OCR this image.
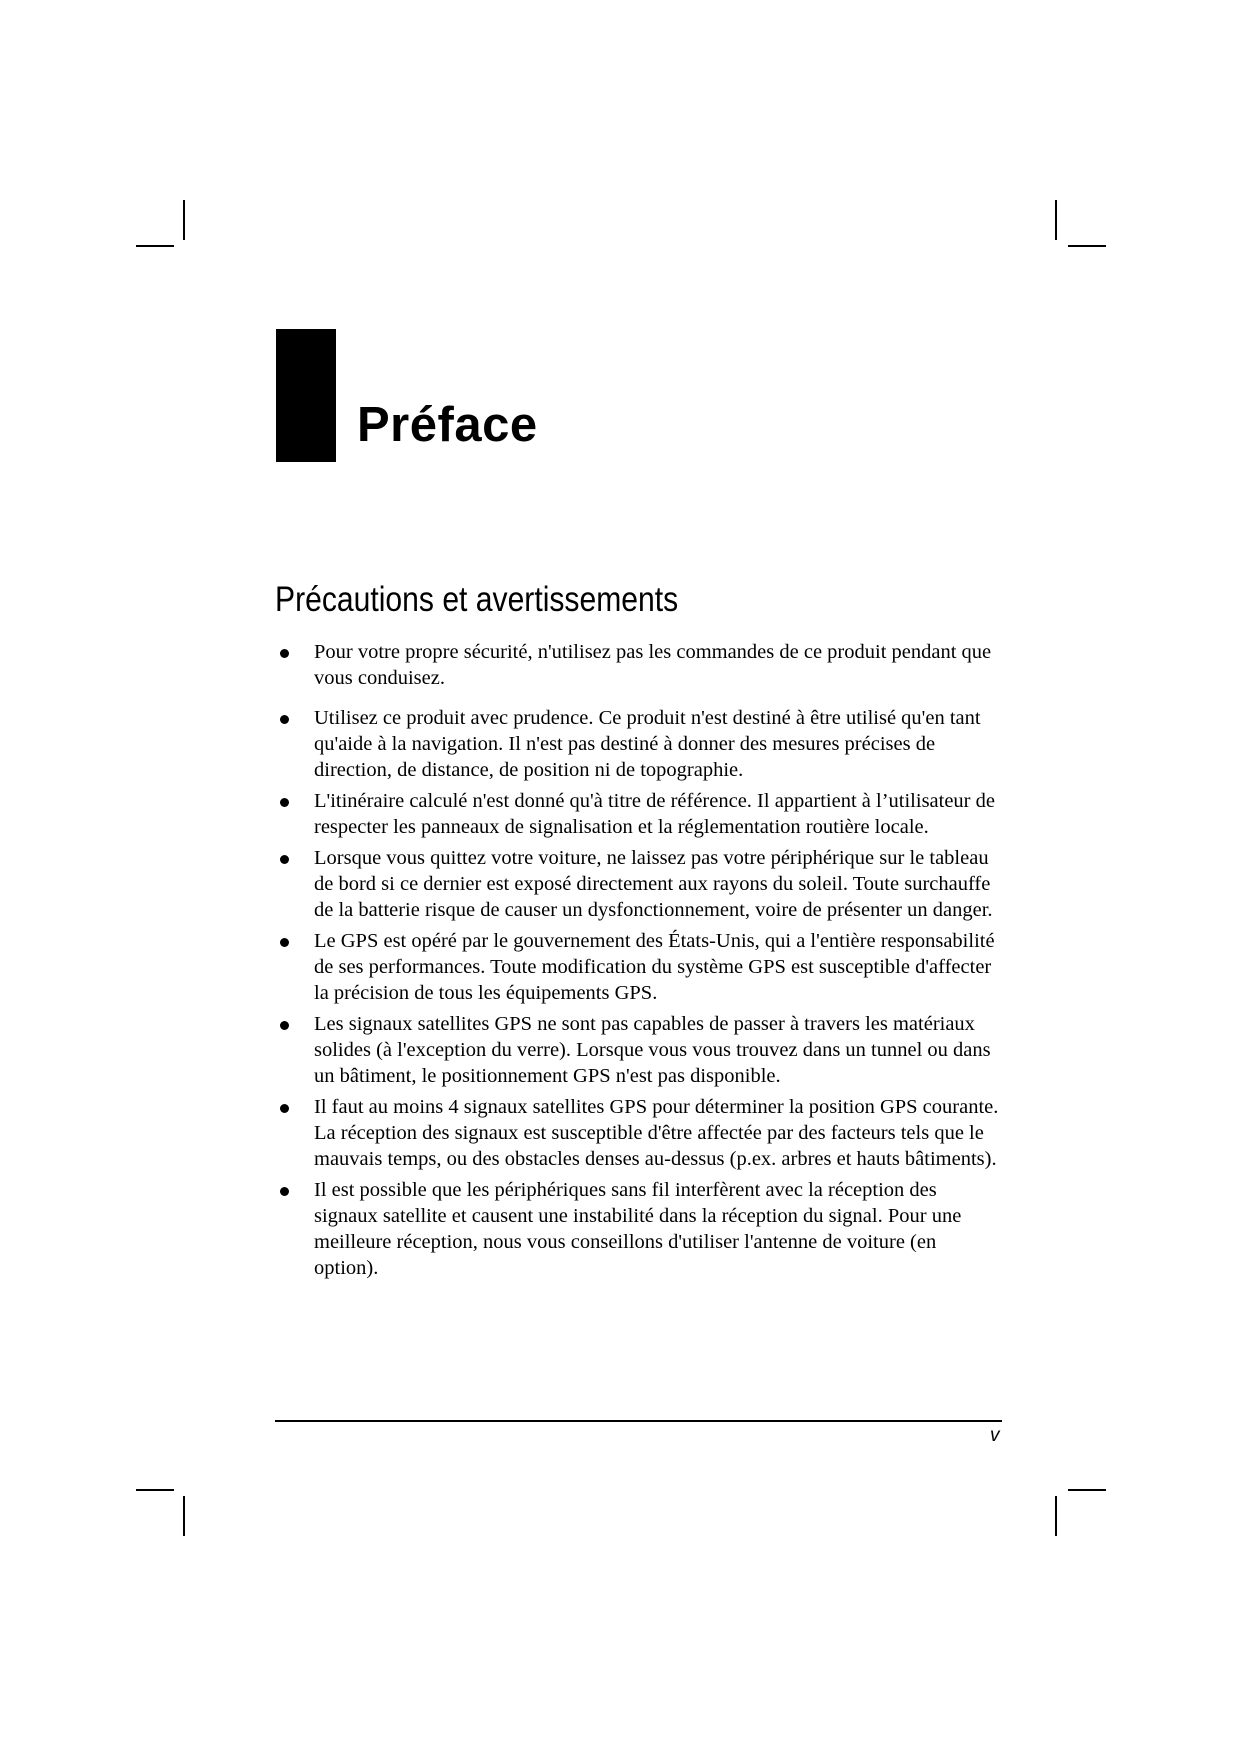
Préface
Précautions et avertissements
Pour votre propre sécurité, n'utilisez pas les commandes de ce produit pendant que vous conduisez.
Utilisez ce produit avec prudence. Ce produit n'est destiné à être utilisé qu'en tant qu'aide à la navigation. Il n'est pas destiné à donner des mesures précises de direction, de distance, de position ni de topographie.
L'itinéraire calculé n'est donné qu'à titre de référence. Il appartient à l’utilisateur de respecter les panneaux de signalisation et la réglementation routière locale.
Lorsque vous quittez votre voiture, ne laissez pas votre périphérique sur le tableau de bord si ce dernier est exposé directement aux rayons du soleil. Toute surchauffe de la batterie risque de causer un dysfonctionnement, voire de présenter un danger.
Le GPS est opéré par le gouvernement des États-Unis, qui a l'entière responsabilité de ses performances. Toute modification du système GPS est susceptible d'affecter la précision de tous les équipements GPS.
Les signaux satellites GPS ne sont pas capables de passer à travers les matériaux solides (à l'exception du verre). Lorsque vous vous trouvez dans un tunnel ou dans un bâtiment, le positionnement GPS n'est pas disponible.
Il faut au moins 4 signaux satellites GPS pour déterminer la position GPS courante. La réception des signaux est susceptible d'être affectée par des facteurs tels que le mauvais temps, ou des obstacles denses au-dessus (p.ex. arbres et hauts bâtiments).
Il est possible que les périphériques sans fil interfèrent avec la réception des signaux satellite et causent une instabilité dans la réception du signal. Pour une meilleure réception, nous vous conseillons d'utiliser l'antenne de voiture (en option).
v
